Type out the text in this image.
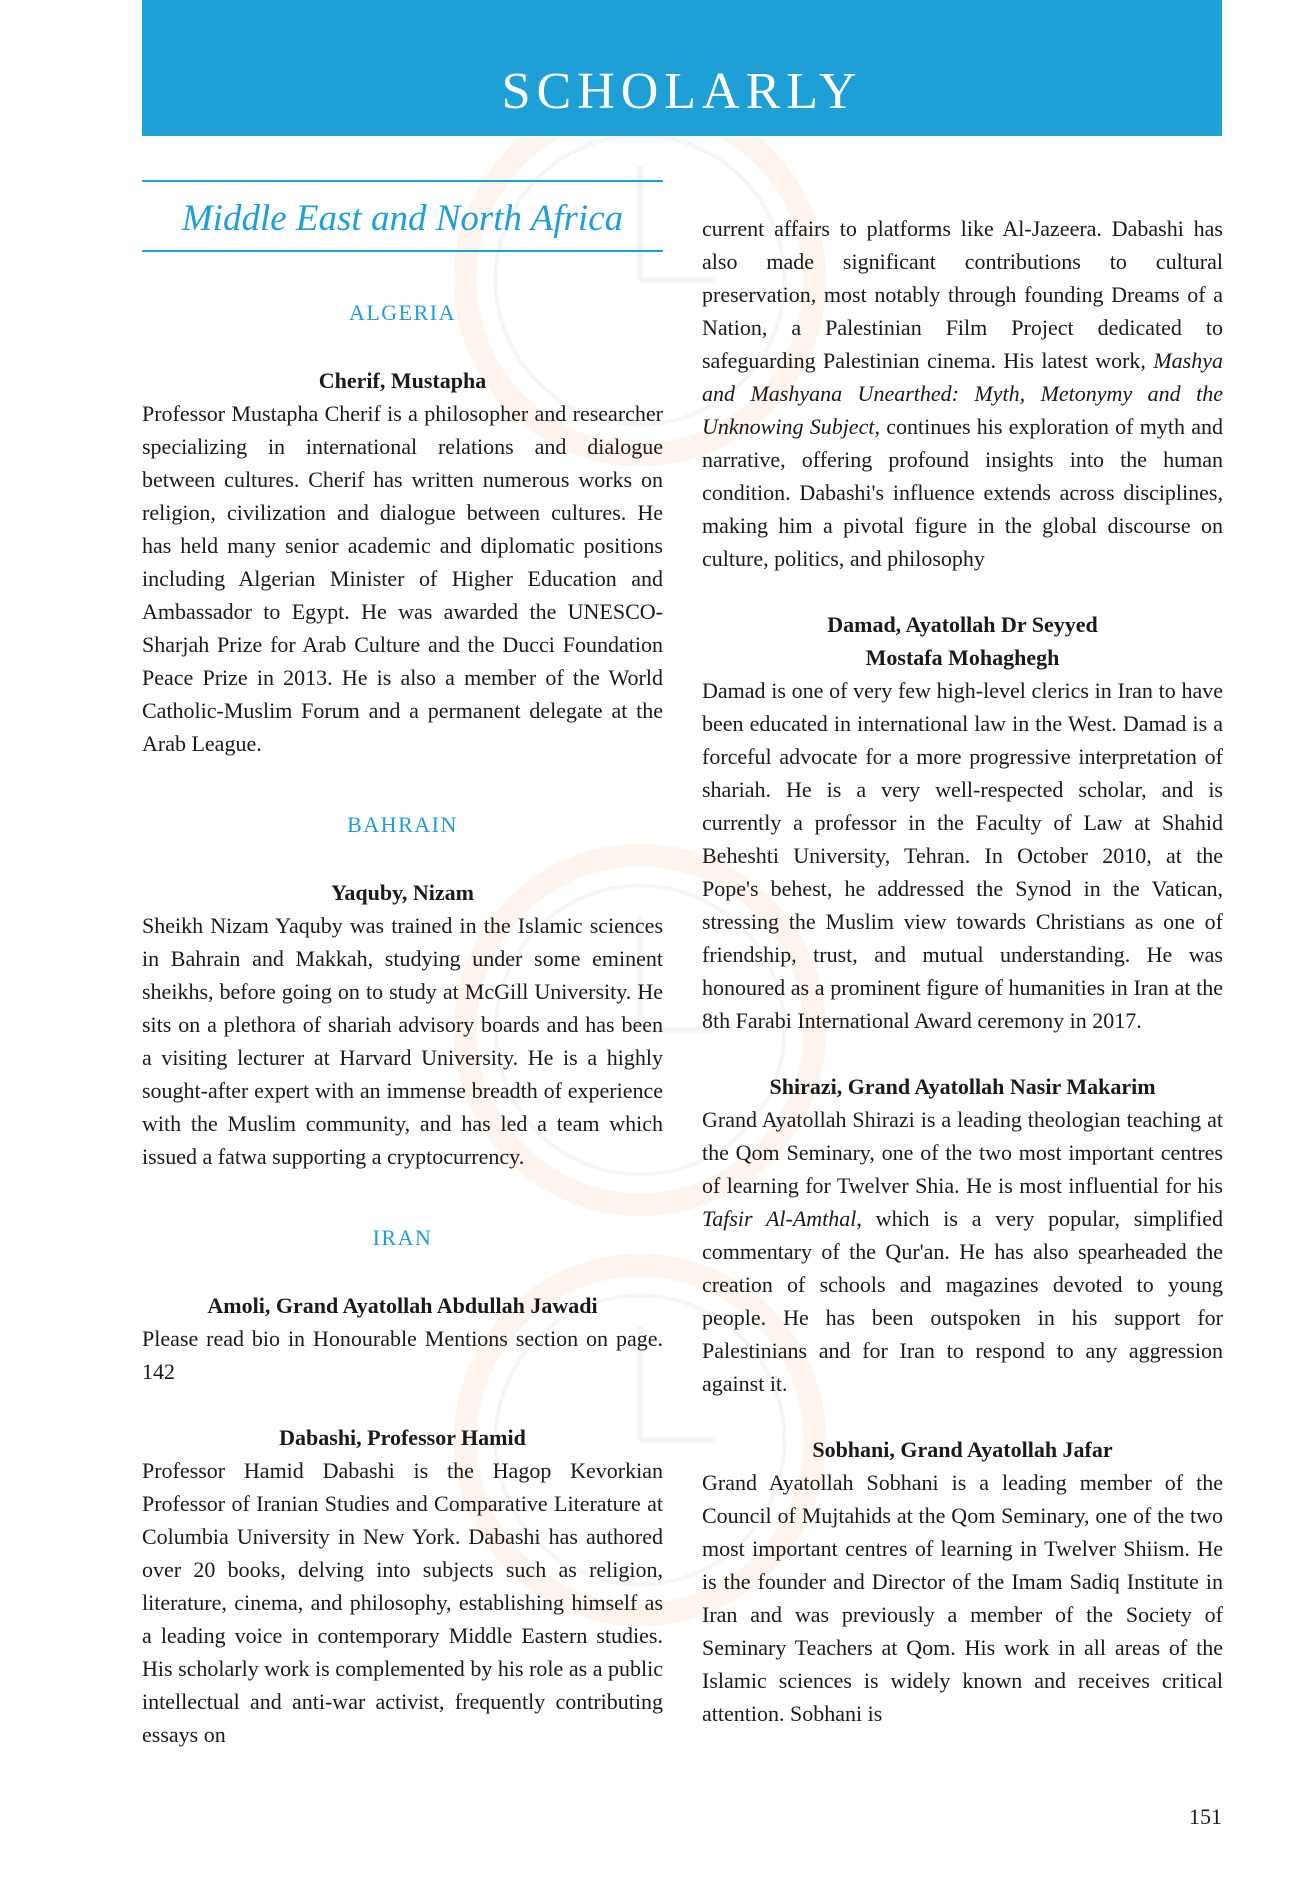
SCHOLARLY
Middle East and North Africa
ALGERIA
Cherif, Mustapha

Professor Mustapha Cherif is a philosopher and researcher specializing in international relations and dialogue between cultures. Cherif has written numerous works on religion, civilization and dialogue between cultures. He has held many senior academic and diplomatic positions including Algerian Minister of Higher Education and Ambassador to Egypt. He was awarded the UNESCO-Sharjah Prize for Arab Culture and the Ducci Foundation Peace Prize in 2013. He is also a member of the World Catholic-Muslim Forum and a permanent delegate at the Arab League.

BAHRAIN
Yaquby, Nizam

Sheikh Nizam Yaquby was trained in the Islamic sciences in Bahrain and Makkah, studying under some eminent sheikhs, before going on to study at McGill University. He sits on a plethora of shariah advisory boards and has been a visiting lecturer at Harvard University. He is a highly sought-after expert with an immense breadth of experience with the Muslim community, and has led a team which issued a fatwa supporting a cryptocurrency.

IRAN
Amoli, Grand Ayatollah Abdullah Jawadi

Please read bio in Honourable Mentions section on page. 142

Dabashi, Professor Hamid

Professor Hamid Dabashi is the Hagop Kevorkian Professor of Iranian Studies and Comparative Literature at Columbia University in New York. Dabashi has authored over 20 books, delving into subjects such as religion, literature, cinema, and philosophy, establishing himself as a leading voice in contemporary Middle Eastern studies. His scholarly work is complemented by his role as a public intellectual and anti-war activist, frequently contributing essays on

current affairs to platforms like Al-Jazeera. Dabashi has also made significant contributions to cultural preservation, most notably through founding Dreams of a Nation, a Palestinian Film Project dedicated to safeguarding Palestinian cinema. His latest work, Mashya and Mashyana Unearthed: Myth, Metonymy and the Unknowing Subject, continues his exploration of myth and narrative, offering profound insights into the human condition. Dabashi's influence extends across disciplines, making him a pivotal figure in the global discourse on culture, politics, and philosophy

Damad, Ayatollah Dr Seyyed
Mostafa Mohaghegh

Damad is one of very few high-level clerics in Iran to have been educated in international law in the West. Damad is a forceful advocate for a more progressive interpretation of shariah. He is a very well-respected scholar, and is currently a professor in the Faculty of Law at Shahid Beheshti University, Tehran. In October 2010, at the Pope's behest, he addressed the Synod in the Vatican, stressing the Muslim view towards Christians as one of friendship, trust, and mutual understanding. He was honoured as a prominent figure of humanities in Iran at the 8th Farabi International Award ceremony in 2017.

Shirazi, Grand Ayatollah Nasir Makarim

Grand Ayatollah Shirazi is a leading theologian teaching at the Qom Seminary, one of the two most important centres of learning for Twelver Shia. He is most influential for his Tafsir Al-Amthal, which is a very popular, simplified commentary of the Qur'an. He has also spearheaded the creation of schools and magazines devoted to young people. He has been outspoken in his support for Palestinians and for Iran to respond to any aggression against it.

Sobhani, Grand Ayatollah Jafar

Grand Ayatollah Sobhani is a leading member of the Council of Mujtahids at the Qom Seminary, one of the two most important centres of learning in Twelver Shiism. He is the founder and Director of the Imam Sadiq Institute in Iran and was previously a member of the Society of Seminary Teachers at Qom. His work in all areas of the Islamic sciences is widely known and receives critical attention. Sobhani is

151
